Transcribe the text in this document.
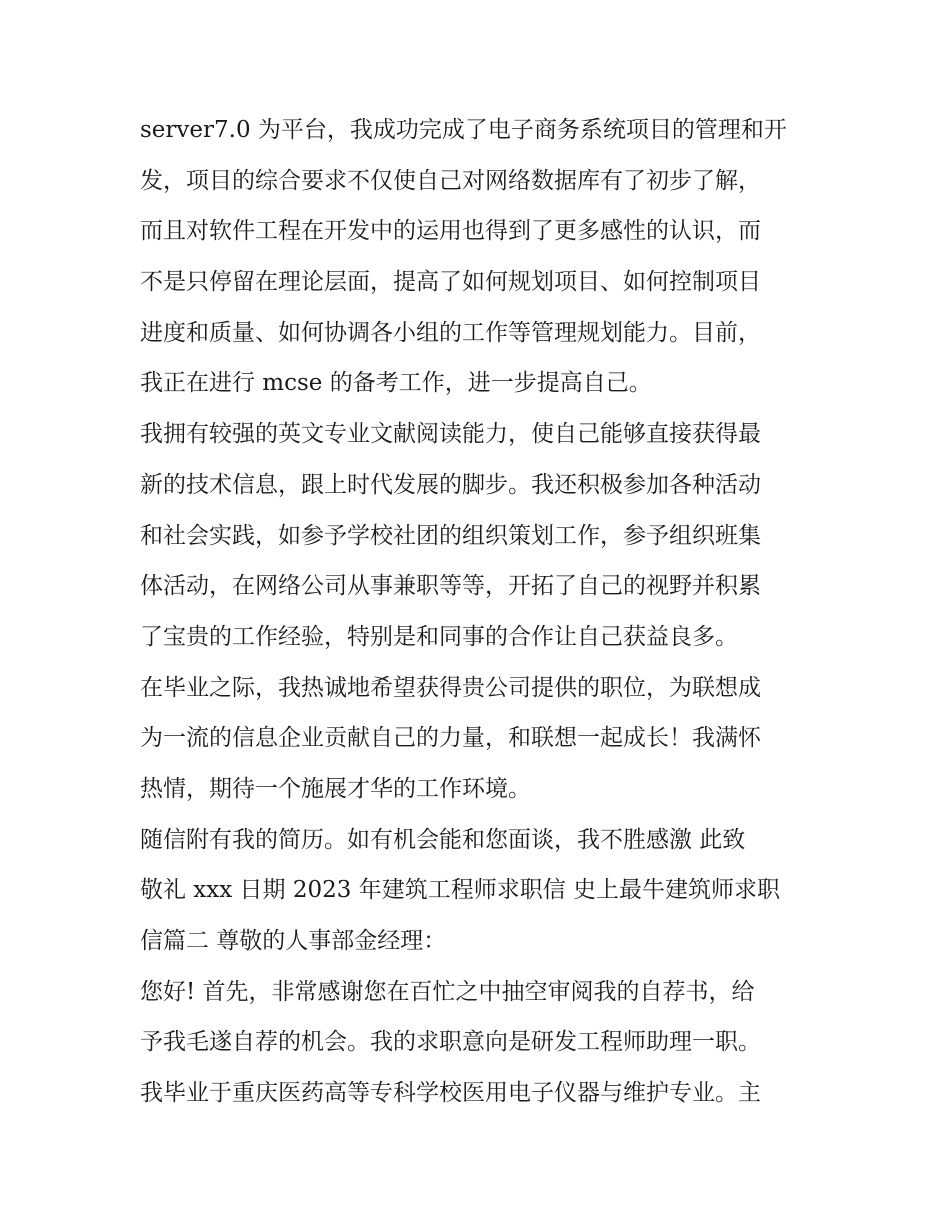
server7.0 为平台，我成功完成了电子商务系统项目的管理和开
发，项目的综合要求不仅使自己对网络数据库有了初步了解，
而且对软件工程在开发中的运用也得到了更多感性的认识，而
不是只停留在理论层面，提高了如何规划项目、如何控制项目
进度和质量、如何协调各小组的工作等管理规划能力。目前，
我正在进行 mcse 的备考工作，进一步提高自己。
我拥有较强的英文专业文献阅读能力，使自己能够直接获得最
新的技术信息，跟上时代发展的脚步。我还积极参加各种活动
和社会实践，如参予学校社团的组织策划工作，参予组织班集
体活动，在网络公司从事兼职等等，开拓了自己的视野并积累
了宝贵的工作经验，特别是和同事的合作让自己获益良多。
在毕业之际，我热诚地希望获得贵公司提供的职位，为联想成
为一流的信息企业贡献自己的力量，和联想一起成长！我满怀
热情，期待一个施展才华的工作环境。
随信附有我的简历。如有机会能和您面谈，我不胜感激 此致
敬礼 xxx 日期 2023 年建筑工程师求职信 史上最牛建筑师求职
信篇二 尊敬的人事部金经理：
您好! 首先，非常感谢您在百忙之中抽空审阅我的自荐书，给
予我毛遂自荐的机会。我的求职意向是研发工程师助理一职。
我毕业于重庆医药高等专科学校医用电子仪器与维护专业。主
